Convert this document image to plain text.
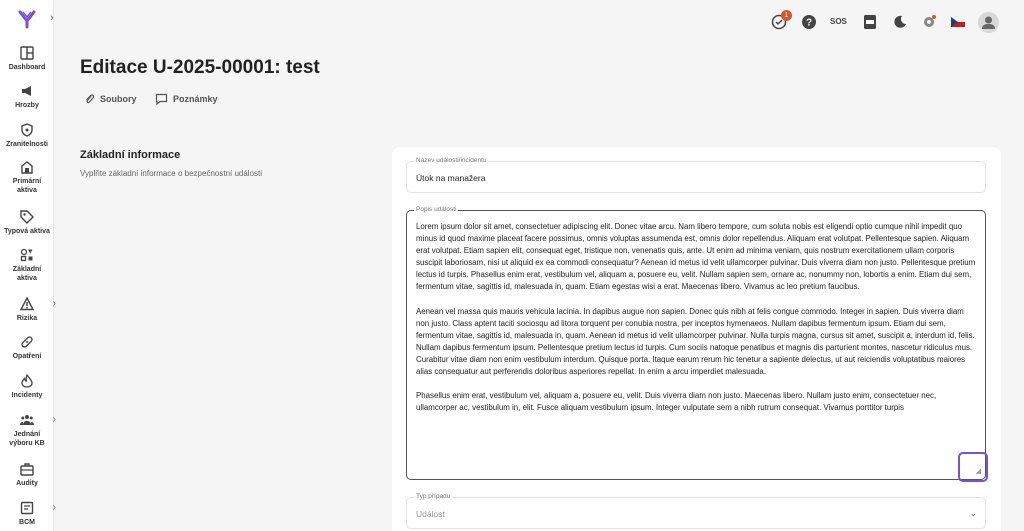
›
Dashboard
Hrozby
Zranitelnosti
Primární aktiva
Typová aktiva
Základní aktiva
›
Rizika
Opatření
Incidenty
›
Jednání výboru KB
Audity
›
BCM
1
? SOS
Editace U-2025-00001: test
Soubory	Poznámky
Základní informace

Vyplňte základní informace o bezpečnostní události

Název události/incidentu
Útok na manažera
Popis události

Lorem ipsum dolor sit amet, consectetuer adipiscing elit. Donec vitae arcu. Nam libero tempore, cum soluta nobis est eligendi optio cumque nihil impedit quo minus id quod maxime placeat facere possimus, omnis voluptas assumenda est, omnis dolor repellendus. Aliquam erat volutpat. Pellentesque sapien. Aliquam erat volutpat. Etiam sapien elit, consequat eget, tristique non, venenatis quis, ante. Ut enim ad minima veniam, quis nostrum exercitationem ullam corporis suscipit laboriosam, nisi ut aliquid ex ea commodi consequatur? Aenean id metus id velit ullamcorper pulvinar. Duis viverra diam non justo. Pellentesque pretium lectus id turpis. Phasellus enim erat, vestibulum vel, aliquam a, posuere eu, velit. Nullam sapien sem, ornare ac, nonummy non, lobortis a enim. Etiam dui sem, fermentum vitae, sagittis id, malesuada in, quam. Etiam egestas wisi a erat. Maecenas libero. Vivamus ac leo pretium faucibus.

Aenean vel massa quis mauris vehicula lacinia. In dapibus augue non sapien. Donec quis nibh at felis congue commodo. Integer in sapien. Duis viverra diam non justo. Class aptent taciti sociosqu ad litora torquent per conubia nostra, per inceptos hymenaeos. Nullam dapibus fermentum ipsum. Etiam dui sem, fermentum vitae, sagittis id, malesuada in, quam. Aenean id metus id velit ullamcorper pulvinar. Nulla turpis magna, cursus sit amet, suscipit a, interdum id, felis. Nullam dapibus fermentum ipsum. Pellentesque pretium lectus id turpis. Cum sociis natoque penatibus et magnis dis parturient montes, nascetur ridiculus mus. Curabitur vitae diam non enim vestibulum interdum. Quisque porta. Itaque earum rerum hic tenetur a sapiente delectus, ut aut reiciendis voluptatibus maiores alias consequatur aut perferendis doloribus asperiores repellat. In enim a arcu imperdiet malesuada.

Phasellus enim erat, vestibulum vel, aliquam a, posuere eu, velit. Duis viverra diam non justo. Maecenas libero. Nullam justo enim, consectetuer nec, ullamcorper ac, vestibulum in, elit. Fusce aliquam vestibulum ipsum. Integer vulputate sem a nibh rutrum consequat. Vivamus porttitor turpis

◢
Typ případu
Událost	⌄
